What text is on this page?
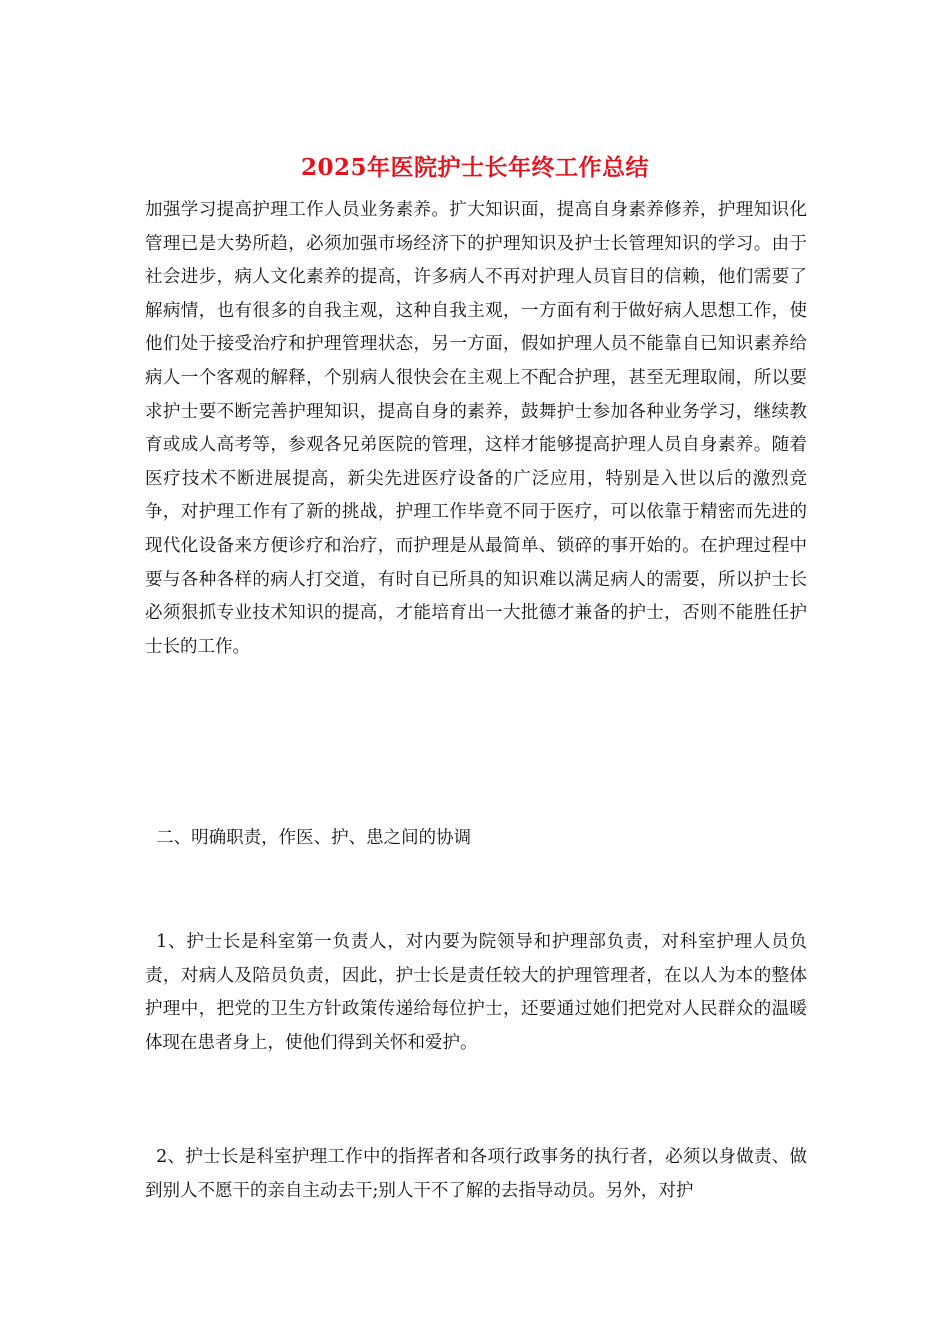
2025年医院护士长年终工作总结

加强学习提高护理工作人员业务素养。扩大知识面，提高自身素养修养，护理知识化管理已是大势所趋，必须加强市场经济下的护理知识及护士长管理知识的学习。由于社会进步，病人文化素养的提高，许多病人不再对护理人员盲目的信赖，他们需要了解病情，也有很多的自我主观，这种自我主观，一方面有利于做好病人思想工作，使他们处于接受治疗和护理管理状态，另一方面，假如护理人员不能靠自已知识素养给病人一个客观的解释，个别病人很快会在主观上不配合护理，甚至无理取闹，所以要求护士要不断完善护理知识，提高自身的素养，鼓舞护士参加各种业务学习，继续教育或成人高考等，参观各兄弟医院的管理，这样才能够提高护理人员自身素养。随着医疗技术不断进展提高，新尖先进医疗设备的广泛应用，特别是入世以后的激烈竞争，对护理工作有了新的挑战，护理工作毕竟不同于医疗，可以依靠于精密而先进的现代化设备来方便诊疗和治疗，而护理是从最简单、锁碎的事开始的。在护理过程中要与各种各样的病人打交道，有时自已所具的知识难以满足病人的需要，所以护士长必须狠抓专业技术知识的提高，才能培育出一大批德才兼备的护士，否则不能胜任护士长的工作。

 二、明确职责，作医、护、患之间的协调

 1、护士长是科室第一负责人，对内要为院领导和护理部负责，对科室护理人员负责，对病人及陪员负责，因此，护士长是责任较大的护理管理者，在以人为本的整体护理中，把党的卫生方针政策传递给每位护士，还要通过她们把党对人民群众的温暖体现在患者身上，使他们得到关怀和爱护。

 2、护士长是科室护理工作中的指挥者和各项行政事务的执行者，必须以身做责、做到别人不愿干的亲自主动去干;别人干不了解的去指导动员。另外，对护
